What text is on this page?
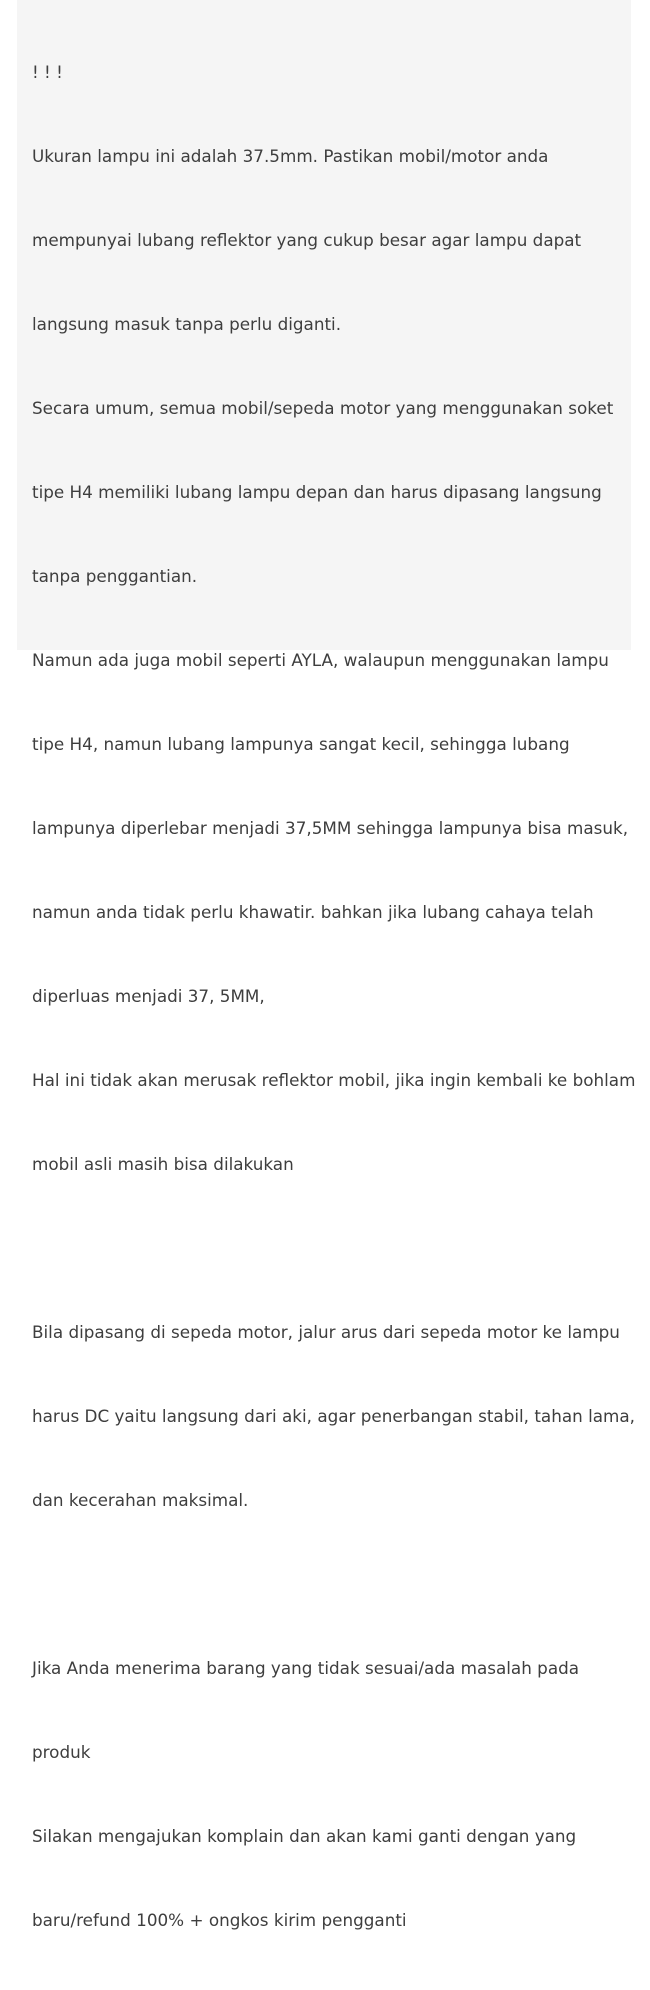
! ! !

Ukuran lampu ini adalah 37.5mm. Pastikan mobil/motor anda

mempunyai lubang reflektor yang cukup besar agar lampu dapat

langsung masuk tanpa perlu diganti.

Secara umum, semua mobil/sepeda motor yang menggunakan soket

tipe H4 memiliki lubang lampu depan dan harus dipasang langsung

tanpa penggantian.

Namun ada juga mobil seperti AYLA, walaupun menggunakan lampu

tipe H4, namun lubang lampunya sangat kecil, sehingga lubang

lampunya diperlebar menjadi 37,5MM sehingga lampunya bisa masuk,

namun anda tidak perlu khawatir. bahkan jika lubang cahaya telah

diperluas menjadi 37, 5MM,

Hal ini tidak akan merusak reflektor mobil, jika ingin kembali ke bohlam

mobil asli masih bisa dilakukan

Bila dipasang di sepeda motor, jalur arus dari sepeda motor ke lampu

harus DC yaitu langsung dari aki, agar penerbangan stabil, tahan lama,

dan kecerahan maksimal.

Jika Anda menerima barang yang tidak sesuai/ada masalah pada

produk

Silakan mengajukan komplain dan akan kami ganti dengan yang

baru/refund 100% + ongkos kirim pengganti
